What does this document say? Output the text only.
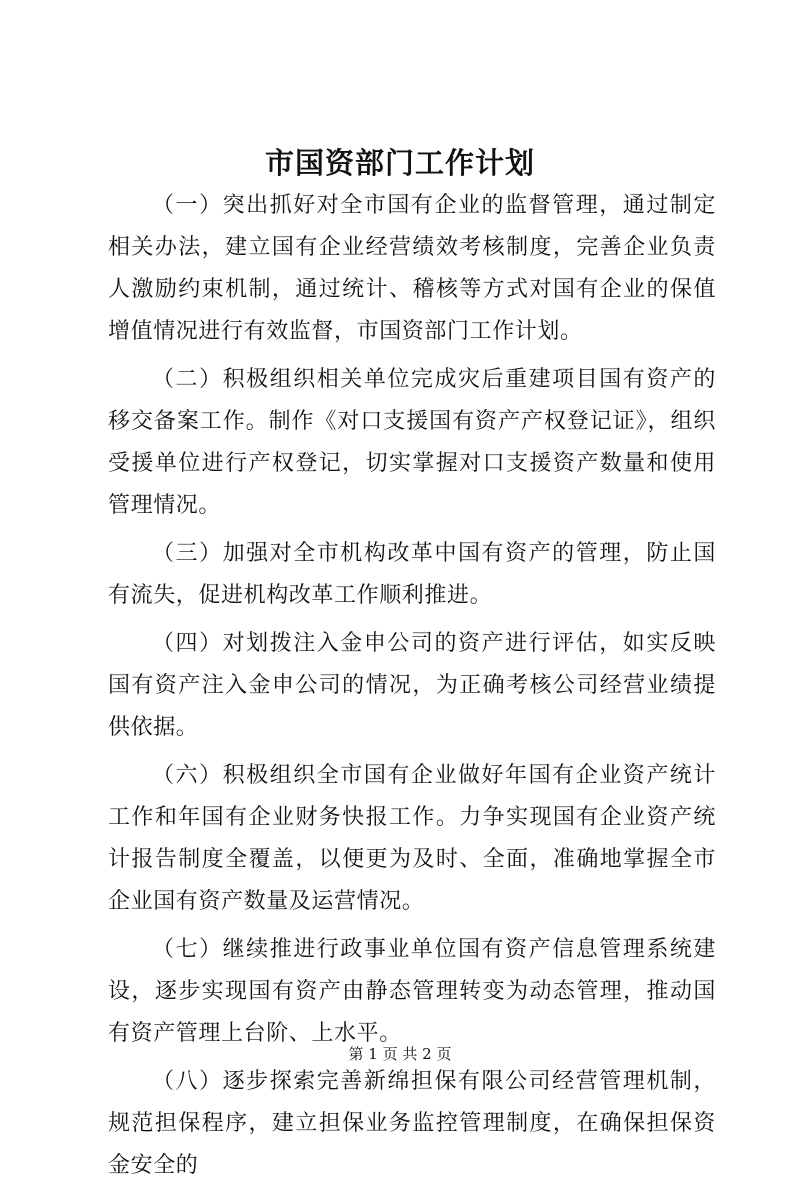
市国资部门工作计划

（一）突出抓好对全市国有企业的监督管理，通过制定相关办法，建立国有企业经营绩效考核制度，完善企业负责人激励约束机制，通过统计、稽核等方式对国有企业的保值增值情况进行有效监督，市国资部门工作计划。

（二）积极组织相关单位完成灾后重建项目国有资产的移交备案工作。制作《对口支援国有资产产权登记证》，组织受援单位进行产权登记，切实掌握对口支援资产数量和使用管理情况。

（三）加强对全市机构改革中国有资产的管理，防止国有流失，促进机构改革工作顺利推进。

（四）对划拨注入金申公司的资产进行评估，如实反映国有资产注入金申公司的情况，为正确考核公司经营业绩提供依据。

（六）积极组织全市国有企业做好年国有企业资产统计工作和年国有企业财务快报工作。力争实现国有企业资产统计报告制度全覆盖，以便更为及时、全面，准确地掌握全市企业国有资产数量及运营情况。

（七）继续推进行政事业单位国有资产信息管理系统建设，逐步实现国有资产由静态管理转变为动态管理，推动国有资产管理上台阶、上水平。

（八）逐步探索完善新绵担保有限公司经营管理机制，规范担保程序，建立担保业务监控管理制度，在确保担保资金安全的

第 1 页 共 2 页
